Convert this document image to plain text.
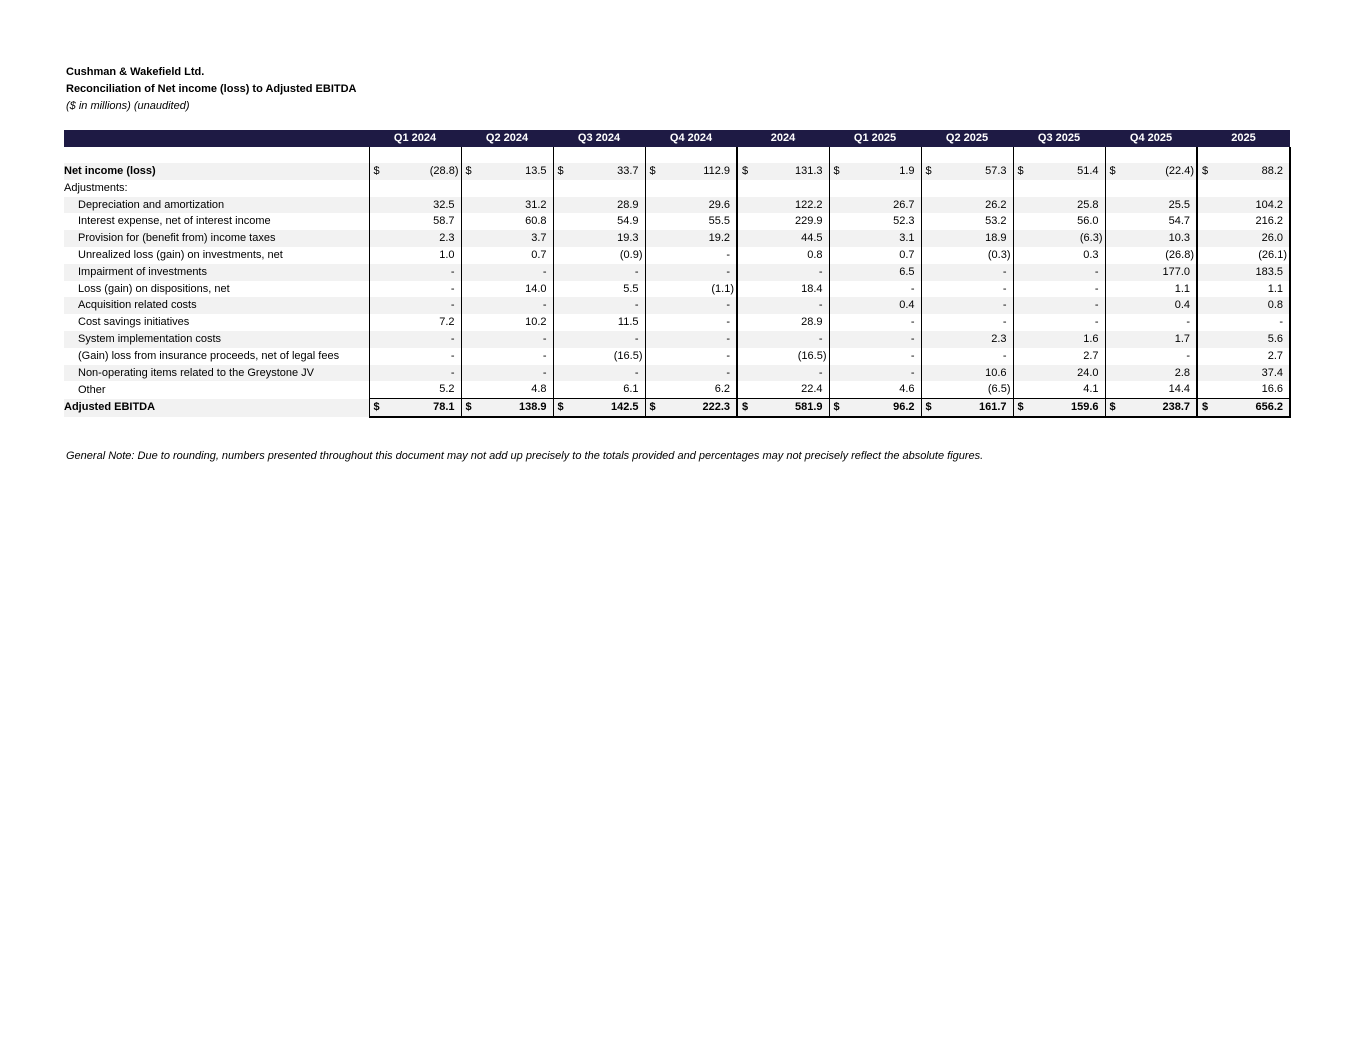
Cushman & Wakefield Ltd.
Reconciliation of Net income (loss) to Adjusted EBITDA
($ in millions) (unaudited)
	Q1 2024	Q2 2024	Q3 2024	Q4 2024	2024	Q1 2025	Q2 2025	Q3 2025	Q4 2025	2025

Net income (loss)	$ (28.8)	$ 13.5	$ 33.7	$ 112.9	$ 131.3	$ 1.9	$ 57.3	$ 51.4	$ (22.4)	$ 88.2

Adjustments:	

Depreciation and amortization	32.5	31.2	28.9	29.6	122.2	26.7	26.2	25.8	25.5	104.2

Interest expense, net of interest income	58.7	60.8	54.9	55.5	229.9	52.3	53.2	56.0	54.7	216.2

Provision for (benefit from) income taxes	2.3	3.7	19.3	19.2	44.5	3.1	18.9	(6.3)	10.3	26.0

Unrealized loss (gain) on investments, net	1.0	0.7	(0.9)	-	0.8	0.7	(0.3)	0.3	(26.8)	(26.1)

Impairment of investments	-	-	-	-	-	6.5	-	-	177.0	183.5

Loss (gain) on dispositions, net	-	14.0	5.5	(1.1)	18.4	-	-	-	1.1	1.1

Acquisition related costs	-	-	-	-	-	0.4	-	-	0.4	0.8

Cost savings initiatives	7.2	10.2	11.5	-	28.9	-	-	-	-	-

System implementation costs	-	-	-	-	-	-	2.3	1.6	1.7	5.6

(Gain) loss from insurance proceeds, net of legal fees	-	-	(16.5)	-	(16.5)	-	-	2.7	-	2.7

Non-operating items related to the Greystone JV	-	-	-	-	-	-	10.6	24.0	2.8	37.4

Other	5.2	4.8	6.1	6.2	22.4	4.6	(6.5)	4.1	14.4	16.6

Adjusted EBITDA	$ 78.1	$ 138.9	$ 142.5	$ 222.3	$ 581.9	$ 96.2	$ 161.7	$ 159.6	$ 238.7	$ 656.2
General Note: Due to rounding, numbers presented throughout this document may not add up precisely to the totals provided and percentages may not precisely reflect the absolute figures.
